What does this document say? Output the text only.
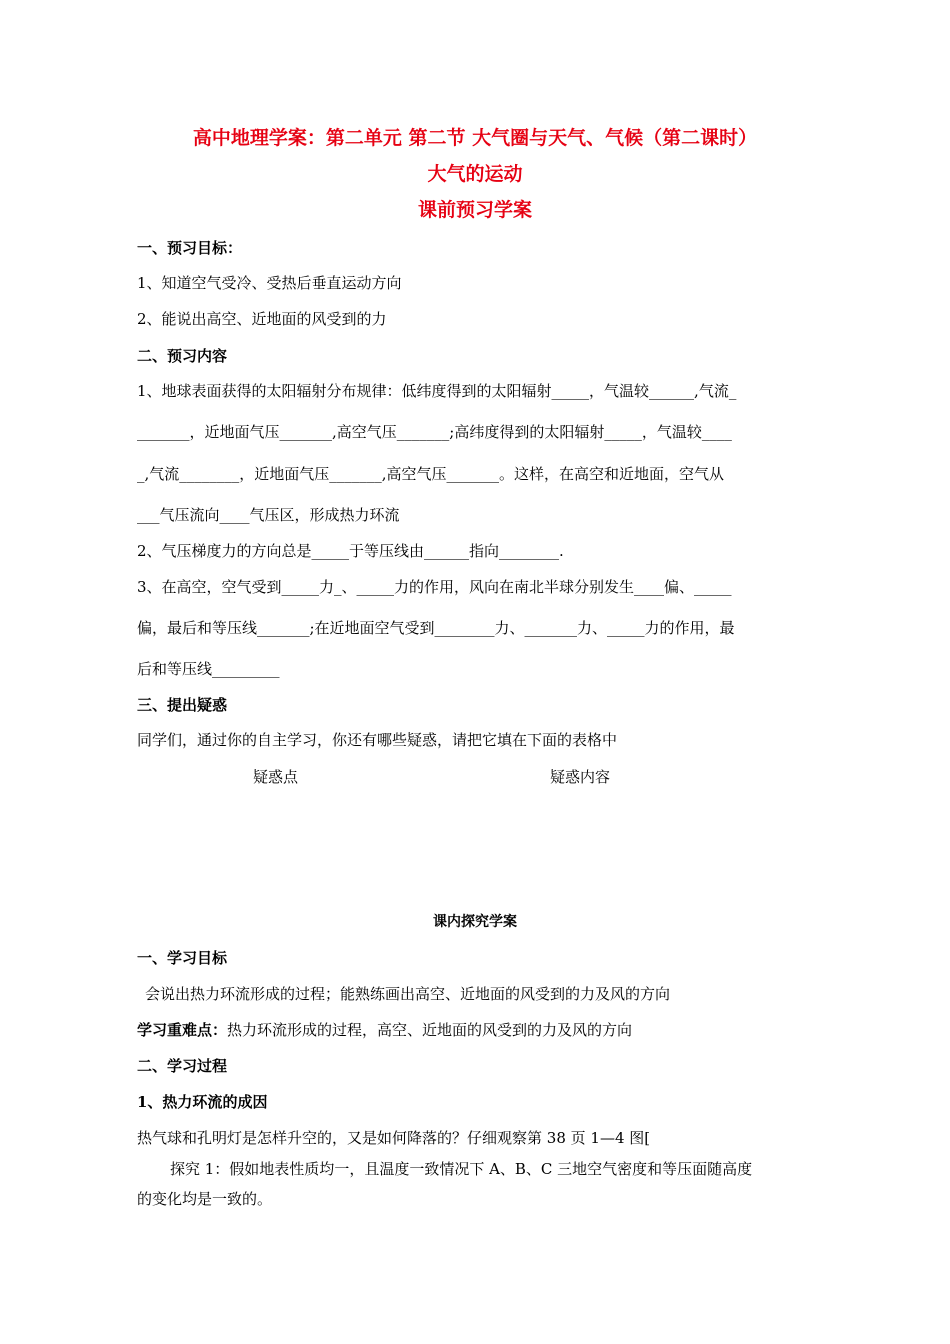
高中地理学案：第二单元 第二节 大气圈与天气、气候（第二课时）
大气的运动
课前预习学案
一、预习目标：
1、知道空气受冷、受热后垂直运动方向
2、能说出高空、近地面的风受到的力
二、预习内容
1、地球表面获得的太阳辐射分布规律：低纬度得到的太阳辐射_____，气温较______,气流_
_______，近地面气压_______,高空气压_______;高纬度得到的太阳辐射_____，气温较____
_,气流________，近地面气压_______,高空气压_______。这样，在高空和近地面，空气从
___气压流向____气压区，形成热力环流
2、气压梯度力的方向总是_____于等压线由______指向________.
3、在高空，空气受到_____力_、_____力的作用，风向在南北半球分别发生____偏、_____
偏，最后和等压线_______;在近地面空气受到________力、_______力、_____力的作用，最
后和等压线_________
三、提出疑惑
同学们，通过你的自主学习，你还有哪些疑惑，请把它填在下面的表格中
疑惑点	疑惑内容
课内探究学案
一、学习目标
会说出热力环流形成的过程；能熟练画出高空、近地面的风受到的力及风的方向
学习重难点：热力环流形成的过程，高空、近地面的风受到的力及风的方向
二、学习过程
1、热力环流的成因
热气球和孔明灯是怎样升空的，又是如何降落的？仔细观察第 38 页 1—4 图[
探究 1：假如地表性质均一，且温度一致情况下 A、B、C 三地空气密度和等压面随高度
的变化均是一致的。
